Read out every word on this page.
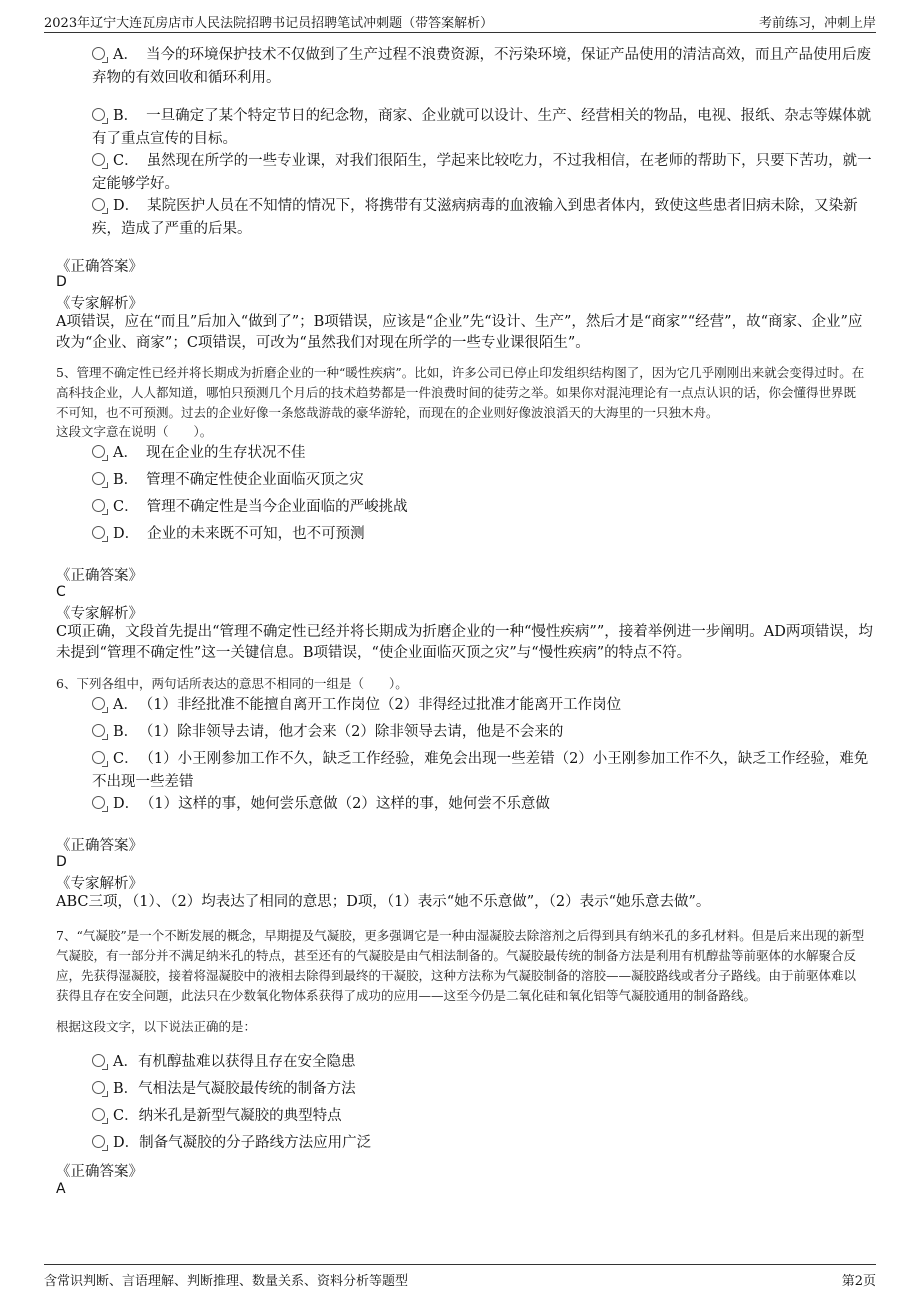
2023年辽宁大连瓦房店市人民法院招聘书记员招聘笔试冲刺题（带答案解析）	考前练习，冲刺上岸
A． 当今的环境保护技术不仅做到了生产过程不浪费资源，不污染环境，保证产品使用的清洁高效，而且产品使用后废弃物的有效回收和循环利用。
B． 一旦确定了某个特定节日的纪念物，商家、企业就可以设计、生产、经营相关的物品，电视、报纸、杂志等媒体就有了重点宣传的目标。
C． 虽然现在所学的一些专业课，对我们很陌生，学起来比较吃力，不过我相信，在老师的帮助下，只要下苦功，就一定能够学好。
D． 某院医护人员在不知情的情况下，将携带有艾滋病病毒的血液输入到患者体内，致使这些患者旧病未除，又染新疾，造成了严重的后果。
《正确答案》
D
《专家解析》
A项错误，应在“而且”后加入“做到了”；B项错误，应该是“企业”先“设计、生产”，然后才是“商家”“经营”，故“商家、企业”应改为“企业、商家”；C项错误，可改为“虽然我们对现在所学的一些专业课很陌生”。
5、管理不确定性已经并将长期成为折磨企业的一种“暖性疾病”。比如，许多公司已停止印发组织结构图了，因为它几乎刚刚出来就会变得过时。在高科技企业，人人都知道，哪怕只预测几个月后的技术趋势都是一件浪费时间的徒劳之举。如果你对混沌理论有一点点认识的话，你会懂得世界既不可知，也不可预测。过去的企业好像一条悠哉游哉的豪华游轮，而现在的企业则好像波浪滔天的大海里的一只独木舟。
这段文字意在说明（　　）。
A． 现在企业的生存状况不佳
B． 管理不确定性使企业面临灭顶之灾
C． 管理不确定性是当今企业面临的严峻挑战
D． 企业的未来既不可知，也不可预测
《正确答案》
C
《专家解析》
C项正确，文段首先提出“管理不确定性已经并将长期成为折磨企业的一种“慢性疾病””，接着举例进一步阐明。AD两项错误，均未提到“管理不确定性”这一关键信息。B项错误，“使企业面临灭顶之灾”与“慢性疾病”的特点不符。
6、下列各组中，两句话所表达的意思不相同的一组是（　　）。
A． （1）非经批准不能擅自离开工作岗位（2）非得经过批准才能离开工作岗位
B． （1）除非领导去请，他才会来（2）除非领导去请，他是不会来的
C． （1）小王刚参加工作不久，缺乏工作经验，难免会出现一些差错（2）小王刚参加工作不久，缺乏工作经验，难免不出现一些差错
D． （1）这样的事，她何尝乐意做（2）这样的事，她何尝不乐意做
《正确答案》
D
《专家解析》
ABC三项，（1）、（2）均表达了相同的意思；D项，（1）表示“她不乐意做”，（2）表示“她乐意去做”。
7、“气凝胶”是一个不断发展的概念，早期提及气凝胶，更多强调它是一种由湿凝胶去除溶剂之后得到具有纳米孔的多孔材料。但是后来出现的新型气凝胶，有一部分并不满足纳米孔的特点，甚至还有的气凝胶是由气相法制备的。气凝胶最传统的制备方法是利用有机醇盐等前驱体的水解聚合反应，先获得湿凝胶，接着将湿凝胶中的液相去除得到最终的干凝胶，这种方法称为气凝胶制备的溶胶——凝胶路线或者分子路线。由于前驱体难以获得且存在安全问题，此法只在少数氧化物体系获得了成功的应用——这至今仍是二氧化硅和氧化铝等气凝胶通用的制备路线。
根据这段文字，以下说法正确的是：
A．有机醇盐难以获得且存在安全隐患
B．气相法是气凝胶最传统的制备方法
C．纳米孔是新型气凝胶的典型特点
D．制备气凝胶的分子路线方法应用广泛
《正确答案》
A
含常识判断、言语理解、判断推理、数量关系、资料分析等题型	第2页
